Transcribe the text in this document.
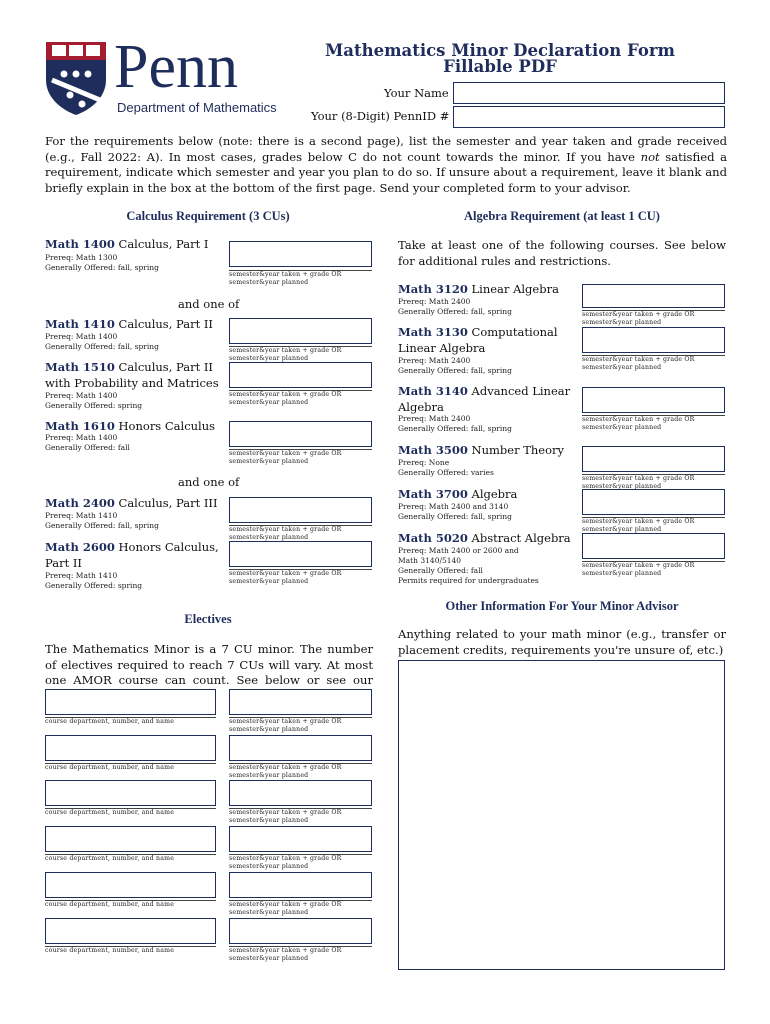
Penn
Department of Mathematics
Mathematics Minor Declaration Form
Fillable PDF
Your Name
Your (8-Digit) PennID #
For the requirements below (note: there is a second page), list the semester and year taken and grade received (e.g., Fall 2022: A). In most cases, grades below C do not count towards the minor. If you have not satisfied a requirement, indicate which semester and year you plan to do so. If unsure about a requirement, leave it blank and briefly explain in the box at the bottom of the first page. Send your completed form to your advisor.
Calculus Requirement (3 CUs)
Math 1400 Calculus, Part I
Prereq: Math 1300
Generally Offered: fall, spring
semester&year taken + grade OR
semester&year planned
and one of
Math 1410 Calculus, Part II
Prereq: Math 1400
Generally Offered: fall, spring	semester&year taken + grade OR
semester&year planned
Math 1510 Calculus, Part II
with Probability and Matrices
Prereq: Math 1400
Generally Offered: spring
semester&year taken + grade OR
semester&year planned
Math 1610 Honors Calculus
Prereq: Math 1400
Generally Offered: fall
semester&year taken + grade OR
semester&year planned
and one of
Math 2400 Calculus, Part III
Prereq: Math 1410
Generally Offered: fall, spring	semester&year taken + grade OR
semester&year planned
Math 2600 Honors Calculus,
Part II
Prereq: Math 1410
Generally Offered: spring
semester&year taken + grade OR
semester&year planned
Algebra Requirement (at least 1 CU)
Take at least one of the following courses. See below for additional rules and restrictions.
Math 3120 Linear Algebra
Prereq: Math 2400
Generally Offered: fall, spring	semester&year taken + grade OR
semester&year planned
Math 3130 Computational
Linear Algebra
Prereq: Math 2400
Generally Offered: fall, spring
semester&year taken + grade OR
semester&year planned
Math 3140 Advanced Linear
Algebra
Prereq: Math 2400
Generally Offered: fall, spring
semester&year taken + grade OR
semester&year planned
Math 3500 Number Theory
Prereq: None
Generally Offered: varies
semester&year taken + grade OR
semester&year planned
Math 3700 Algebra
Prereq: Math 2400 and 3140
Generally Offered: fall, spring
semester&year taken + grade OR
semester&year planned
Math 5020 Abstract Algebra
Prereq: Math 2400 or 2600 and
Math 3140/5140
Generally Offered: fall
Permits required for undergraduates
semester&year taken + grade OR
semester&year planned
Electives
The Mathematics Minor is a 7 CU minor. The number of electives required to reach 7 CUs will vary. At most one AMOR course can count. See below or see our
course department, number, and name	semester&year taken + grade OR
semester&year planned
course department, number, and name	semester&year taken + grade OR
semester&year planned
course department, number, and name	semester&year taken + grade OR
semester&year planned
course department, number, and name	semester&year taken + grade OR
semester&year planned
course department, number, and name	semester&year taken + grade OR
semester&year planned
course department, number, and name	semester&year taken + grade OR
semester&year planned
Other Information For Your Minor Advisor
Anything related to your math minor (e.g., transfer or placement credits, requirements you're unsure of, etc.)
